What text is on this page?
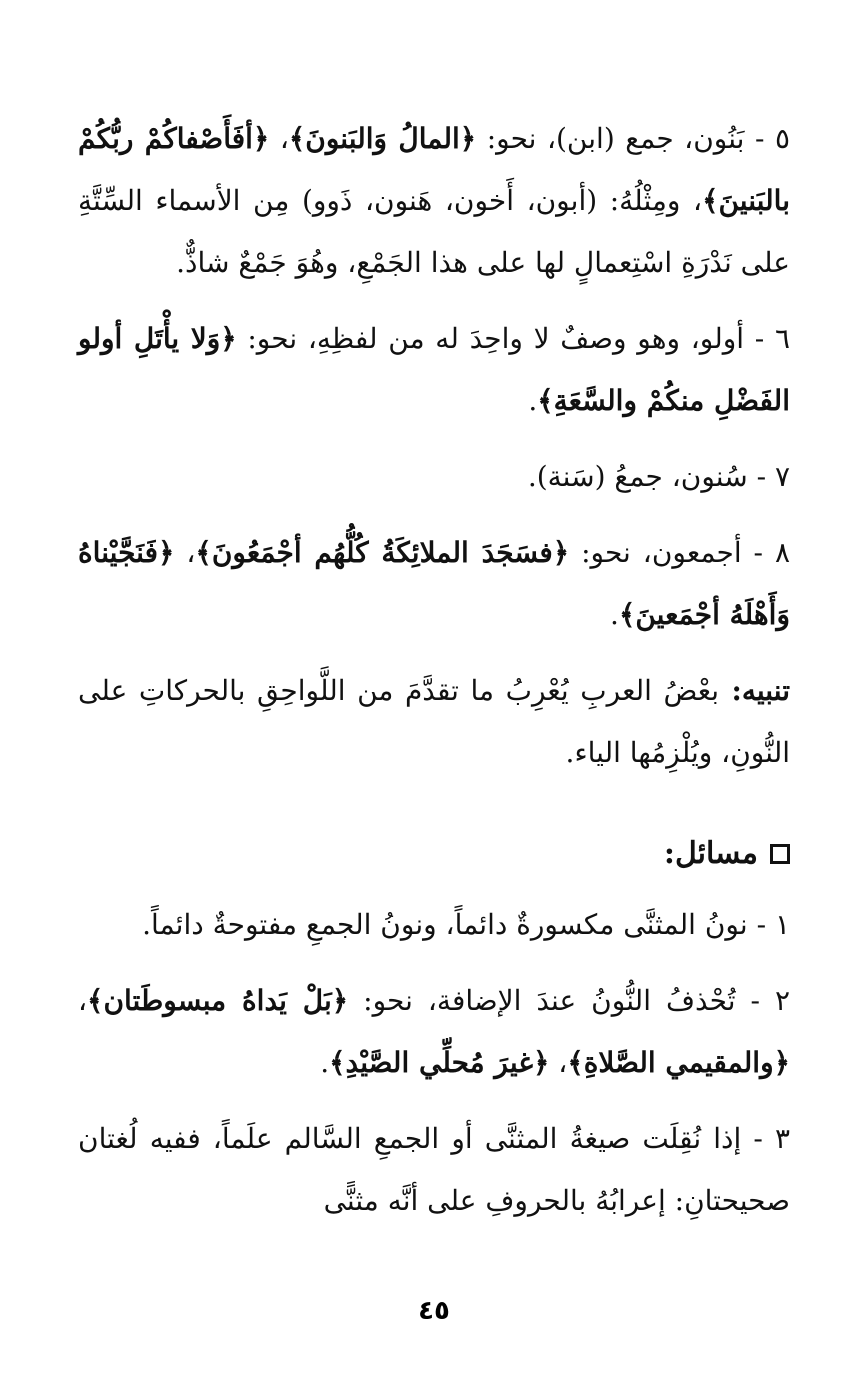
٥ - بَنُون، جمع (ابن)، نحو: ﴿المالُ وَالبَنونَ﴾، ﴿أفَأَصْفاكُمْ ربُّكُمْ بالبَنينَ﴾، ومِثْلُهُ: (أبون، أَخون، هَنون، ذَوو) مِن الأسماء السِّتَّةِ على نَدْرَةِ اسْتِعمالٍ لها على هذا الجَمْعِ، وهُوَ جَمْعٌ شاذٌّ.

٦ - أولو، وهو وصفٌ لا واحِدَ له من لفظِهِ، نحو: ﴿وَلا يأْتَلِ أولو الفَضْلِ منكُمْ والسَّعَةِ﴾.

٧ - سُنون، جمعُ (سَنة).

٨ - أجمعون، نحو: ﴿فسَجَدَ الملائِكَةُ كُلُّهُم أجْمَعُونَ﴾، ﴿فَنَجَّيْناهُ وَأَهْلَهُ أجْمَعينَ﴾.

تنبيه: بعْضُ العربِ يُعْرِبُ ما تقدَّمَ من اللَّواحِقِ بالحركاتِ على النُّونِ، ويُلْزِمُها الياء.

مسائل:

١ - نونُ المثنَّى مكسورةٌ دائماً، ونونُ الجمعِ مفتوحةٌ دائماً.

٢ - تُحْذفُ النُّونُ عندَ الإضافة، نحو: ﴿بَلْ يَداهُ مبسوطَتان﴾، ﴿والمقيمي الصَّلاةِ﴾، ﴿غيرَ مُحلِّي الصَّيْدِ﴾.

٣ - إذا نُقِلَت صيغةُ المثنَّى أو الجمعِ السَّالم علَماً، ففيه لُغتان صحيحتانِ: إعرابُهُ بالحروفِ على أنَّه مثنًّى

٤٥
